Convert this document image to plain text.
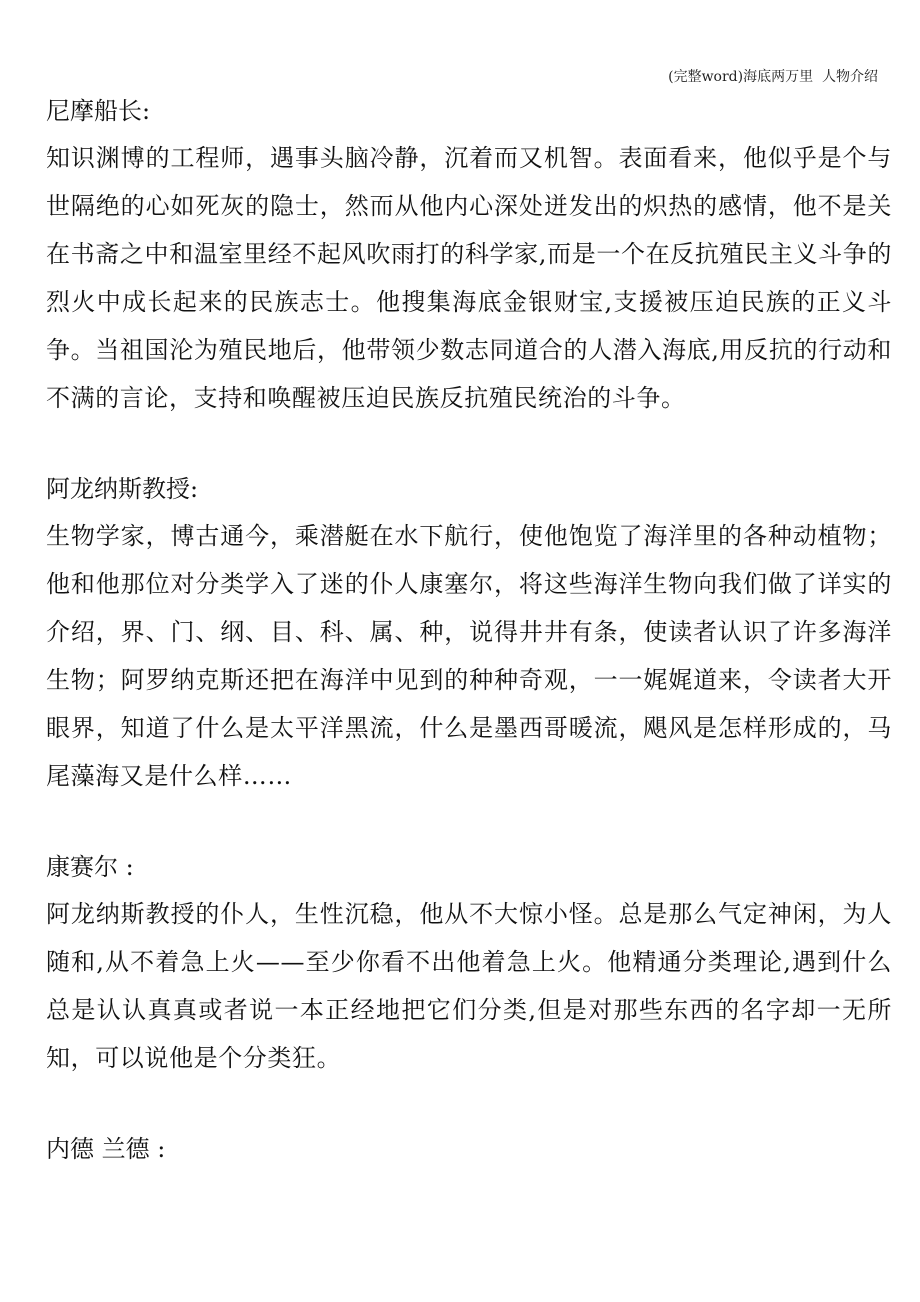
(完整word)海底两万里  人物介绍

尼摩船长:

知识渊博的工程师，遇事头脑冷静，沉着而又机智。表面看来，他似乎是个与世隔绝的心如死灰的隐士，然而从他内心深处迸发出的炽热的感情，他不是关在书斋之中和温室里经不起风吹雨打的科学家,而是一个在反抗殖民主义斗争的烈火中成长起来的民族志士。他搜集海底金银财宝,支援被压迫民族的正义斗争。当祖国沦为殖民地后，他带领少数志同道合的人潜入海底,用反抗的行动和不满的言论，支持和唤醒被压迫民族反抗殖民统治的斗争。

阿龙纳斯教授:

生物学家，博古通今，乘潜艇在水下航行，使他饱览了海洋里的各种动植物；他和他那位对分类学入了迷的仆人康塞尔，将这些海洋生物向我们做了详实的介绍，界、门、纲、目、科、属、种，说得井井有条，使读者认识了许多海洋生物；阿罗纳克斯还把在海洋中见到的种种奇观，一一娓娓道来，令读者大开眼界，知道了什么是太平洋黑流，什么是墨西哥暖流，飓风是怎样形成的，马尾藻海又是什么样……

康赛尔 :

阿龙纳斯教授的仆人，生性沉稳，他从不大惊小怪。总是那么气定神闲，为人随和,从不着急上火——至少你看不出他着急上火。他精通分类理论,遇到什么总是认认真真或者说一本正经地把它们分类,但是对那些东西的名字却一无所知，可以说他是个分类狂。

内德 兰德 :
